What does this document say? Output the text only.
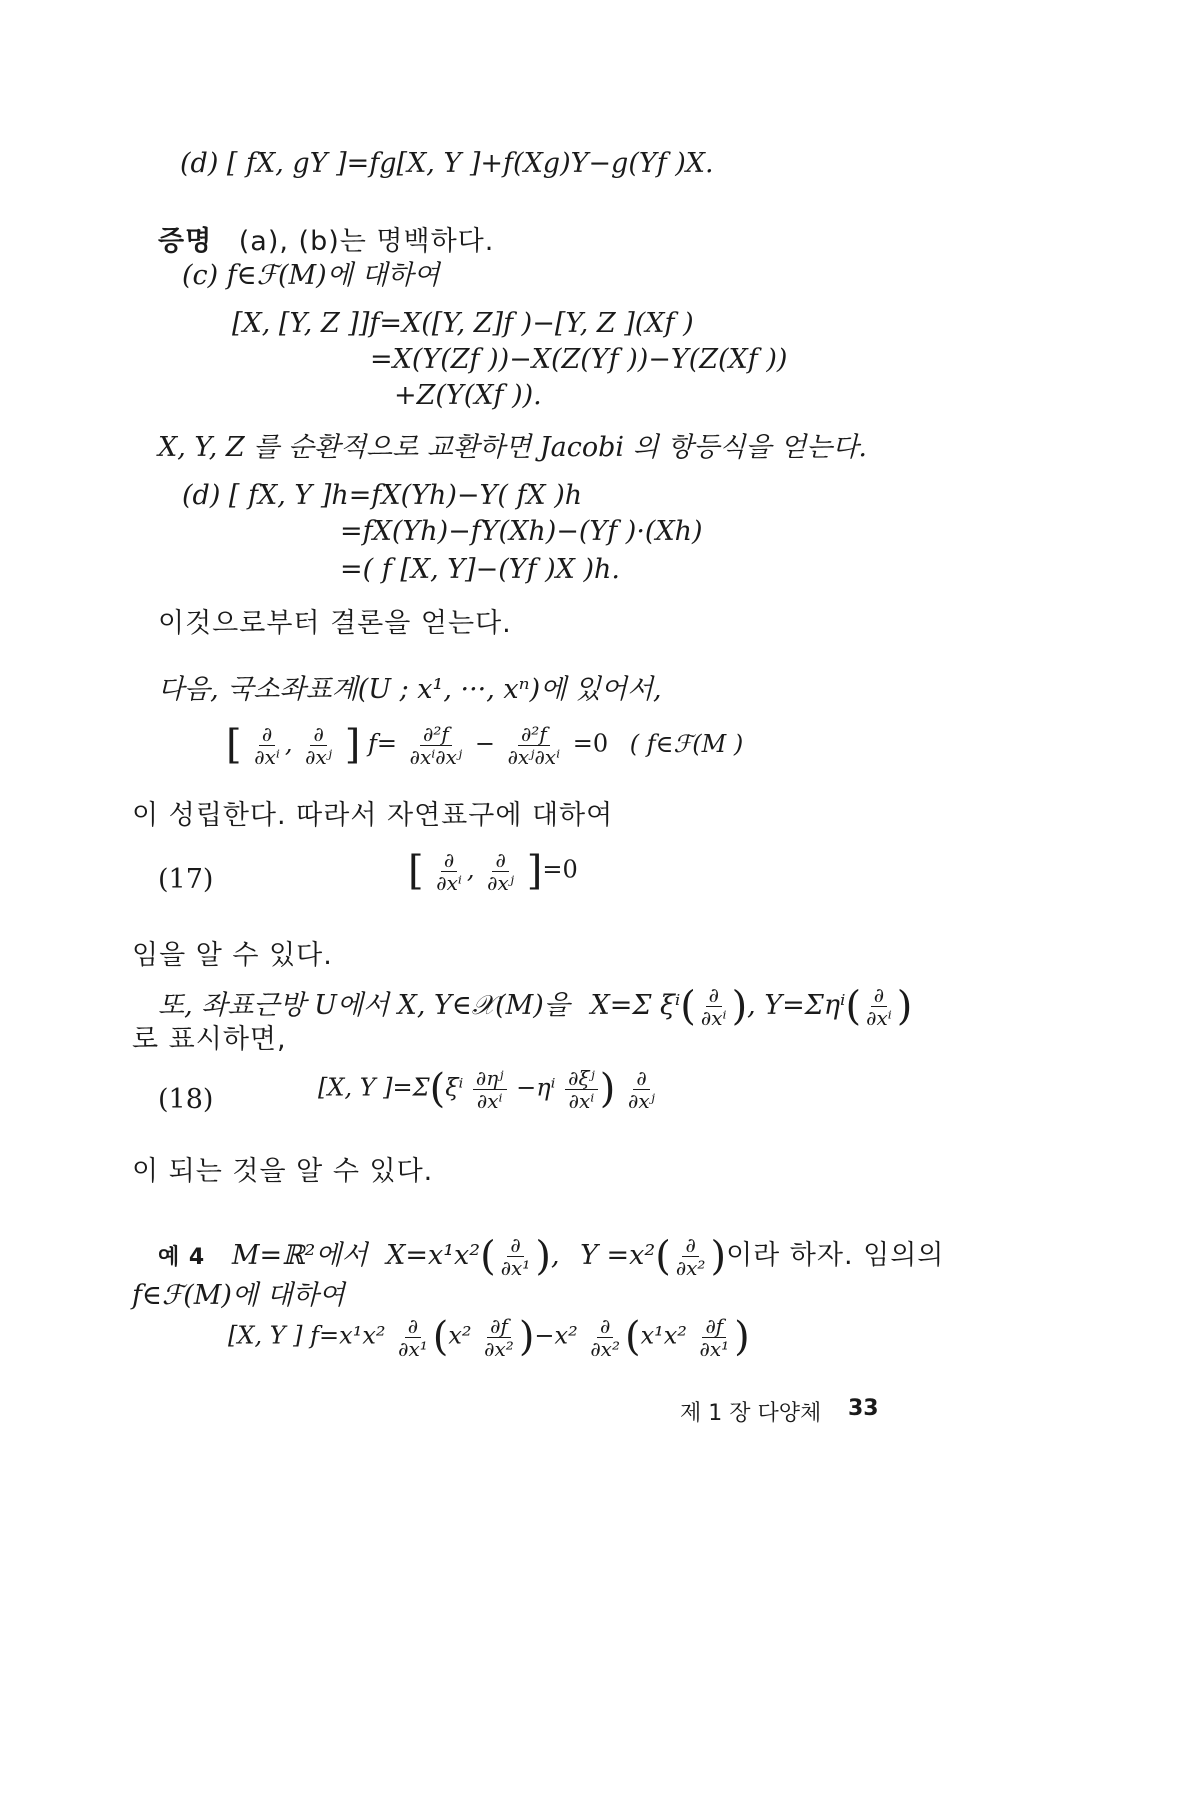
(d) [ fX, gY ]=fg[X, Y ]+f(Xg)Y−g(Yf )X.
증명 (a), (b)는 명백하다.
(c) f∈ℱ(M)에 대하여
[X, [Y, Z ]]f=X([Y, Z]f )−[Y, Z ](Xf )
=X(Y(Zf ))−X(Z(Yf ))−Y(Z(Xf ))
+Z(Y(Xf )).
X, Y, Z 를 순환적으로 교환하면 Jacobi 의 항등식을 얻는다.
(d) [ fX, Y ]h=fX(Yh)−Y( fX )h
=fX(Yh)−fY(Xh)−(Yf )·(Xh)
=( f [X, Y]−(Yf )X )h.
이것으로부터 결론을 얻는다.
다음, 국소좌표계(U ; x¹, ···, xⁿ)에 있어서,
[ $\frac{\partial}{\text{∂xⁱ}}$ , $\frac{\partial}{\text{∂xʲ}}$ ] $f= \frac{\text{∂²f}}{\text{∂xⁱ∂xʲ}} - \frac{\text{∂²f}}{\text{∂xʲ∂xⁱ}} =0$ ( f∈ℱ(M )
이 성립한다. 따라서 자연표구에 대하여
(17)	[ $\frac{\partial}{\text{∂xⁱ}}$ , $\frac{\partial}{\text{∂xʲ}} ]=0$
임을 알 수 있다.
또, 좌표근방 U에서 X, Y∈𝒳(M)을 X=Σ $\xi^i( \frac{\partial}{\text{∂xⁱ}}$ ), $Y=\Sigma\eta^i( \frac{\partial}{\text{∂xⁱ}}$ )
로 표시하면,
(18)	[X, Y ]$=\Sigma(\xi^i \frac{\text{∂ηʲ}}{\text{∂xⁱ}} -\eta^i \frac{\text{∂ξʲ}}{\text{∂xⁱ}}$ ) $\frac{\partial}{\text{∂xʲ}}$
이 되는 것을 알 수 있다.
예 4 M=ℝ²에서 $X=x^1x^2( \frac{\partial}{\text{∂x¹}}$ ), $Y =x^2( \frac{\partial}{\text{∂x²}}$ )이라 하자. 임의의
f∈ℱ(M)에 대하여
[X, Y ] $f=x^1x^2 \frac{\partial}{\text{∂x¹}} (x^2 \frac{\partial f}{\text{∂x²}} )-x^2 \frac{\partial}{\text{∂x²}} (x^1x^2 \frac{\partial f}{\text{∂x¹}}$ )
제 1 장 다양체 33
